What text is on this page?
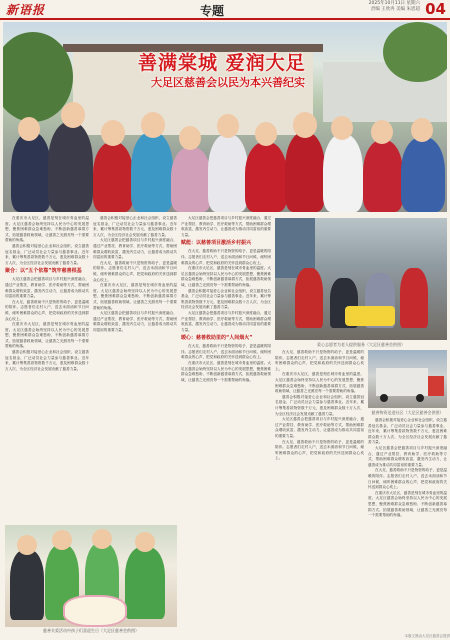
新语报	专题
2025年10月11日 星期六
责编 王欣冉 美编 朱恩超 04
善满棠城 爱润大足
大足区慈善会以民为本兴善纪实

在重庆市大足区，慈善是刻在城市骨血里的温度。大足区慈善会始终坚持以人民为中心的发展思想，聚焦困难群众急难愁盼，不断创新慈善募捐方式，拓展慈善救助领域，让慈善之光照亮每一个需要帮助的角落。

慈善会积极对接爱心企业和社会组织，设立慈善冠名基金，广泛动员社会力量参与慈善事业。近年来，累计筹集善款物资数千万元，惠及困难群众数十万人次，为全区经济社会发展贡献了慈善力量。

聚合：以“五个依靠”筑牢慈善根基

大足区慈善会把慈善项目与乡村振兴深度融合，通过产业帮扶、教育助学、医疗救助等方式，帮助困难群众增收致富，激发内生动力，让慈善成为推动共同富裕的重要力量。

在大足，慈善救助不只是物资的给予，更是温暖的陪伴。志愿者们走村入户，送去米面油和节日问候，倾听困难群众的心声，把党和政府的关怀送到群众心坎上。

在重庆市大足区，慈善是刻在城市骨血里的温度。大足区慈善会始终坚持以人民为中心的发展思想，聚焦困难群众急难愁盼，不断创新慈善募捐方式，拓展慈善救助领域，让慈善之光照亮每一个需要帮助的角落。

慈善会积极对接爱心企业和社会组织，设立慈善冠名基金，广泛动员社会力量参与慈善事业。近年来，累计筹集善款物资数千万元，惠及困难群众数十万人次，为全区经济社会发展贡献了慈善力量。

慈善会积极对接爱心企业和社会组织，设立慈善冠名基金，广泛动员社会力量参与慈善事业。近年来，累计筹集善款物资数千万元，惠及困难群众数十万人次，为全区经济社会发展贡献了慈善力量。

大足区慈善会把慈善项目与乡村振兴深度融合，通过产业帮扶、教育助学、医疗救助等方式，帮助困难群众增收致富，激发内生动力，让慈善成为推动共同富裕的重要力量。

在大足，慈善救助不只是物资的给予，更是温暖的陪伴。志愿者们走村入户，送去米面油和节日问候，倾听困难群众的心声，把党和政府的关怀送到群众心坎上。

在重庆市大足区，慈善是刻在城市骨血里的温度。大足区慈善会始终坚持以人民为中心的发展思想，聚焦困难群众急难愁盼，不断创新慈善募捐方式，拓展慈善救助领域，让慈善之光照亮每一个需要帮助的角落。

大足区慈善会把慈善项目与乡村振兴深度融合，通过产业帮扶、教育助学、医疗救助等方式，帮助困难群众增收致富，激发内生动力，让慈善成为推动共同富裕的重要力量。

大足区慈善会把慈善项目与乡村振兴深度融合，通过产业帮扶、教育助学、医疗救助等方式，帮助困难群众增收致富，激发内生动力，让慈善成为推动共同富裕的重要力量。

赋能：以慈善项目激活乡村振兴

在大足，慈善救助不只是物资的给予，更是温暖的陪伴。志愿者们走村入户，送去米面油和节日问候，倾听困难群众的心声，把党和政府的关怀送到群众心坎上。

在重庆市大足区，慈善是刻在城市骨血里的温度。大足区慈善会始终坚持以人民为中心的发展思想，聚焦困难群众急难愁盼，不断创新慈善募捐方式，拓展慈善救助领域，让慈善之光照亮每一个需要帮助的角落。

慈善会积极对接爱心企业和社会组织，设立慈善冠名基金，广泛动员社会力量参与慈善事业。近年来，累计筹集善款物资数千万元，惠及困难群众数十万人次，为全区经济社会发展贡献了慈善力量。

大足区慈善会把慈善项目与乡村振兴深度融合，通过产业帮扶、教育助学、医疗救助等方式，帮助困难群众增收致富，激发内生动力，让慈善成为推动共同富裕的重要力量。

暖心：慈善救助里的“人间烟火”

在大足，慈善救助不只是物资的给予，更是温暖的陪伴。志愿者们走村入户，送去米面油和节日问候，倾听困难群众的心声，把党和政府的关怀送到群众心坎上。

在重庆市大足区，慈善是刻在城市骨血里的温度。大足区慈善会始终坚持以人民为中心的发展思想，聚焦困难群众急难愁盼，不断创新慈善募捐方式，拓展慈善救助领域，让慈善之光照亮每一个需要帮助的角落。

爱心志愿者为老人提供服务（大足区慈善会供图）
慈善物资送进社区（大足区慈善会供图）

在大足，慈善救助不只是物资的给予，更是温暖的陪伴。志愿者们走村入户，送去米面油和节日问候，倾听困难群众的心声，把党和政府的关怀送到群众心坎上。

在重庆市大足区，慈善是刻在城市骨血里的温度。大足区慈善会始终坚持以人民为中心的发展思想，聚焦困难群众急难愁盼，不断创新慈善募捐方式，拓展慈善救助领域，让慈善之光照亮每一个需要帮助的角落。

慈善会积极对接爱心企业和社会组织，设立慈善冠名基金，广泛动员社会力量参与慈善事业。近年来，累计筹集善款物资数千万元，惠及困难群众数十万人次，为全区经济社会发展贡献了慈善力量。

大足区慈善会把慈善项目与乡村振兴深度融合，通过产业帮扶、教育助学、医疗救助等方式，帮助困难群众增收致富，激发内生动力，让慈善成为推动共同富裕的重要力量。

在大足，慈善救助不只是物资的给予，更是温暖的陪伴。志愿者们走村入户，送去米面油和节日问候，倾听困难群众的心声，把党和政府的关怀送到群众心坎上。

慈善会积极对接爱心企业和社会组织，设立慈善冠名基金，广泛动员社会力量参与慈善事业。近年来，累计筹集善款物资数千万元，惠及困难群众数十万人次，为全区经济社会发展贡献了慈善力量。

大足区慈善会把慈善项目与乡村振兴深度融合，通过产业帮扶、教育助学、医疗救助等方式，帮助困难群众增收致富，激发内生动力，让慈善成为推动共同富裕的重要力量。

在大足，慈善救助不只是物资的给予，更是温暖的陪伴。志愿者们走村入户，送去米面油和节日问候，倾听困难群众的心声，把党和政府的关怀送到群众心坎上。

在重庆市大足区，慈善是刻在城市骨血里的温度。大足区慈善会始终坚持以人民为中心的发展思想，聚焦困难群众急难愁盼，不断创新慈善募捐方式，拓展慈善救助领域，让慈善之光照亮每一个需要帮助的角落。

慈善关爱活动中孩子们喜迎生日（大足区慈善会供图）
本版文图由大足区慈善会提供
